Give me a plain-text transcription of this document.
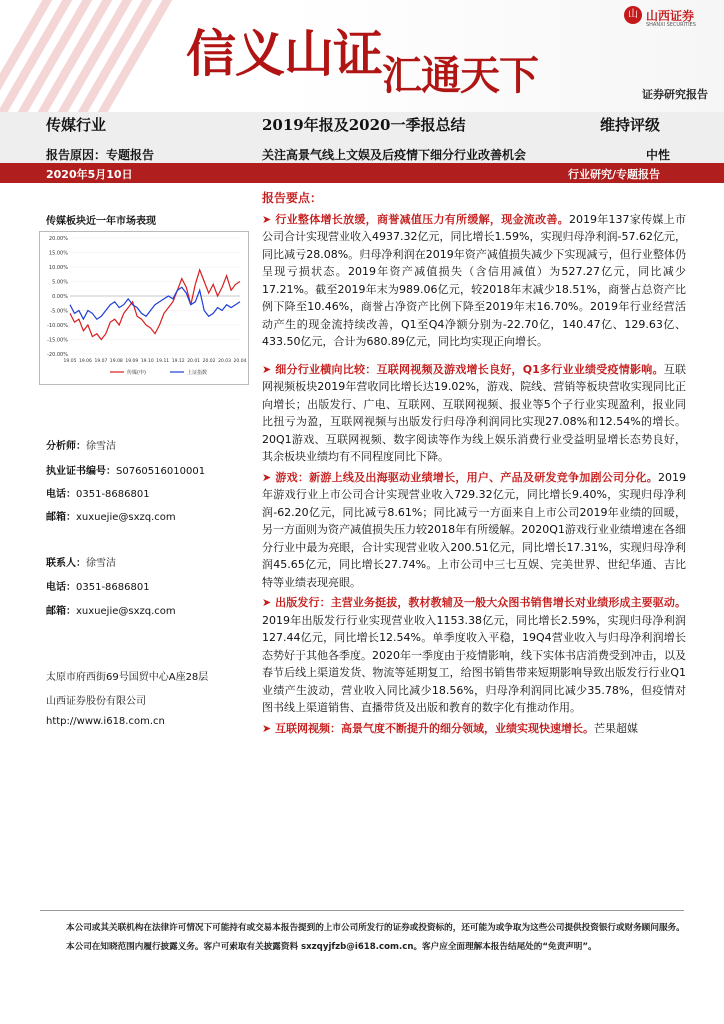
信义山证汇通天下
山 山西证券
SHANXI SECURITIES
证券研究报告
传媒行业	2019年报及2020一季报总结	维持评级
报告原因：专题报告	关注高景气线上文娱及后疫情下细分行业改善机会	中性
2020年5月10日	行业研究/专题报告
传媒板块近一年市场表现
20.00%
15.00%
10.00%
5.00%
0.00%
-5.00%
-10.00%
-15.00%
-20.00%
19.05 19.06 19.07 19.08 19.09 19.10 19.11 19.12 20.01 20.02 20.03 20.04
传媒(申)	上证指数
分析师：徐雪洁
执业证书编号：S0760516010001
电话：0351-8686801
邮箱：xuxuejie@sxzq.com
联系人：徐雪洁
电话：0351-8686801
邮箱：xuxuejie@sxzq.com
太原市府西街69号国贸中心A座28层
山西证券股份有限公司
http://www.i618.com.cn
报告要点：

➤ 行业整体增长放缓，商誉减值压力有所缓解，现金流改善。2019年137家传媒上市公司合计实现营业收入4937.32亿元，同比增长1.59%，实现归母净利润-57.62亿元，同比减亏28.08%。归母净利润在2019年资产减值损失减少下实现减亏，但行业整体仍呈现亏损状态。2019年资产减值损失（含信用减值）为527.27亿元，同比减少17.21%。截至2019年末为989.06亿元，较2018年末减少18.51%，商誉占总资产比例下降至10.46%，商誉占净资产比例下降至2019年末16.70%。2019年行业经营活动产生的现金流持续改善，Q1至Q4净额分别为-22.70亿，140.47亿、129.63亿、433.50亿元，合计为680.89亿元，同比均实现正向增长。

➤ 细分行业横向比较：互联网视频及游戏增长良好，Q1多行业业绩受疫情影响。互联网视频板块2019年营收同比增长达19.02%，游戏、院线、营销等板块营收实现同比正向增长；出版发行、广电、互联网、互联网视频、报业等5个子行业实现盈利，报业同比扭亏为盈，互联网视频与出版发行归母净利润同比实现27.08%和12.54%的增长。20Q1游戏、互联网视频、数字阅读等作为线上娱乐消费行业受益明显增长态势良好，其余板块业绩均有不同程度同比下降。

➤ 游戏：新游上线及出海驱动业绩增长，用户、产品及研发竞争加剧公司分化。2019年游戏行业上市公司合计实现营业收入729.32亿元，同比增长9.40%，实现归母净利润-62.20亿元，同比减亏8.61%；同比减亏一方面来自上市公司2019年业绩的回暖，另一方面则为资产减值损失压力较2018年有所缓解。2020Q1游戏行业业绩增速在各细分行业中最为亮眼，合计实现营业收入200.51亿元，同比增长17.31%，实现归母净利润45.65亿元，同比增长27.74%。上市公司中三七互娱、完美世界、世纪华通、吉比特等业绩表现亮眼。

➤ 出版发行：主营业务挺拔，教材教辅及一般大众图书销售增长对业绩形成主要驱动。2019年出版发行行业实现营业收入1153.38亿元，同比增长2.59%，实现归母净利润127.44亿元，同比增长12.54%。单季度收入平稳，19Q4营业收入与归母净利润增长态势好于其他各季度。2020年一季度由于疫情影响，线下实体书店消费受到冲击，以及春节后线上渠道发货、物流等延期复工，给图书销售带来短期影响导致出版发行行业Q1业绩产生波动，营业收入同比减少18.56%，归母净利润同比减少35.78%，但疫情对图书线上渠道销售、直播带货及出版和教育的数字化有推动作用。

➤ 互联网视频：高景气度不断提升的细分领域，业绩实现快速增长。芒果超媒

本公司或其关联机构在法律许可情况下可能持有或交易本报告提到的上市公司所发行的证券或投资标的，还可能为或争取为这些公司提供投资银行或财务顾问服务。本公司在知晓范围内履行披露义务。客户可索取有关披露资料 sxzqyjfzb@i618.com.cn。客户应全面理解本报告结尾处的“免责声明”。
